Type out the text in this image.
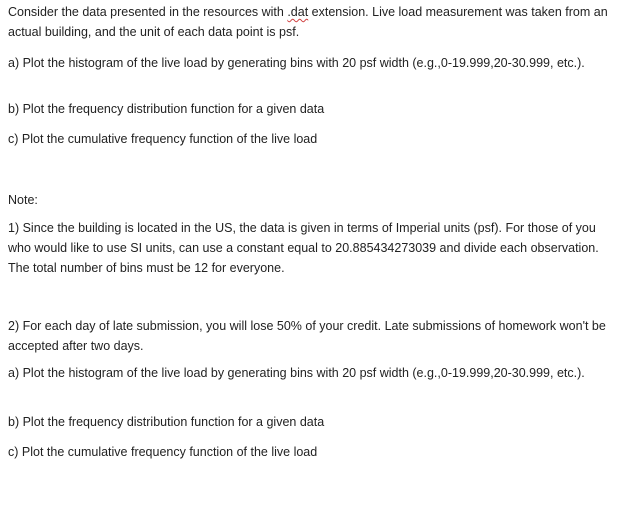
Consider the data presented in the resources with .dat extension. Live load measurement was taken from an actual building, and the unit of each data point is psf.

a) Plot the histogram of the live load by generating bins with 20 psf width (e.g.,0-19.999,20-30.999, etc.).

b) Plot the frequency distribution function for a given data

c) Plot the cumulative frequency function of the live load

Note:

1) Since the building is located in the US, the data is given in terms of Imperial units (psf). For those of you who would like to use SI units, can use a constant equal to 20.885434273039 and divide each observation. The total number of bins must be 12 for everyone.

2) For each day of late submission, you will lose 50% of your credit. Late submissions of homework won't be accepted after two days.

a) Plot the histogram of the live load by generating bins with 20 psf width (e.g.,0-19.999,20-30.999, etc.).

b) Plot the frequency distribution function for a given data

c) Plot the cumulative frequency function of the live load
